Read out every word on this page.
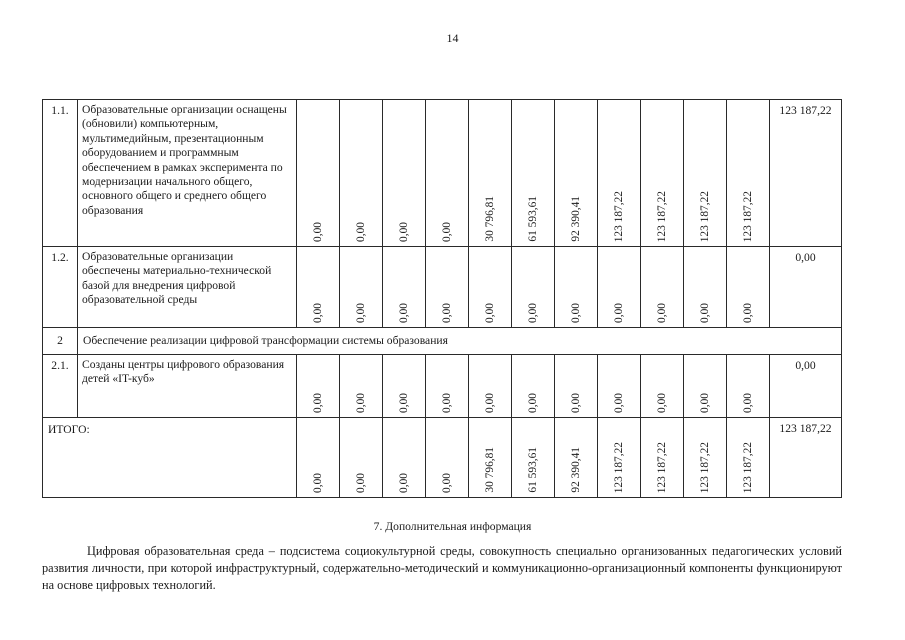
14
1.1.	Образовательные организации оснащены (обновили) компьютерным, мультимедийным, презентационным оборудованием и программным обеспечением в рамках эксперимента по модернизации начального общего, основного общего и среднего общего образования	0,00	0,00	0,00	0,00	30 796,81	61 593,61	92 390,41	123 187,22	123 187,22	123 187,22	123 187,22	123 187,22
1.2.	Образовательные организации обеспечены материально-технической базой для внедрения цифровой образовательной среды	0,00	0,00	0,00	0,00	0,00	0,00	0,00	0,00	0,00	0,00	0,00	0,00
2	Обеспечение реализации цифровой трансформации системы образования												
2.1.	Созданы центры цифрового образования детей «IT-куб»	0,00	0,00	0,00	0,00	0,00	0,00	0,00	0,00	0,00	0,00	0,00	0,00
ИТОГО:		0,00	0,00	0,00	0,00	30 796,81	61 593,61	92 390,41	123 187,22	123 187,22	123 187,22	123 187,22	123 187,22
7. Дополнительная информация
Цифровая образовательная среда – подсистема социокультурной среды, совокупность специально организованных педагогических условий развития личности, при которой инфраструктурный, содержательно-методический и коммуникационно-организационный компоненты функционируют на основе цифровых технологий.
